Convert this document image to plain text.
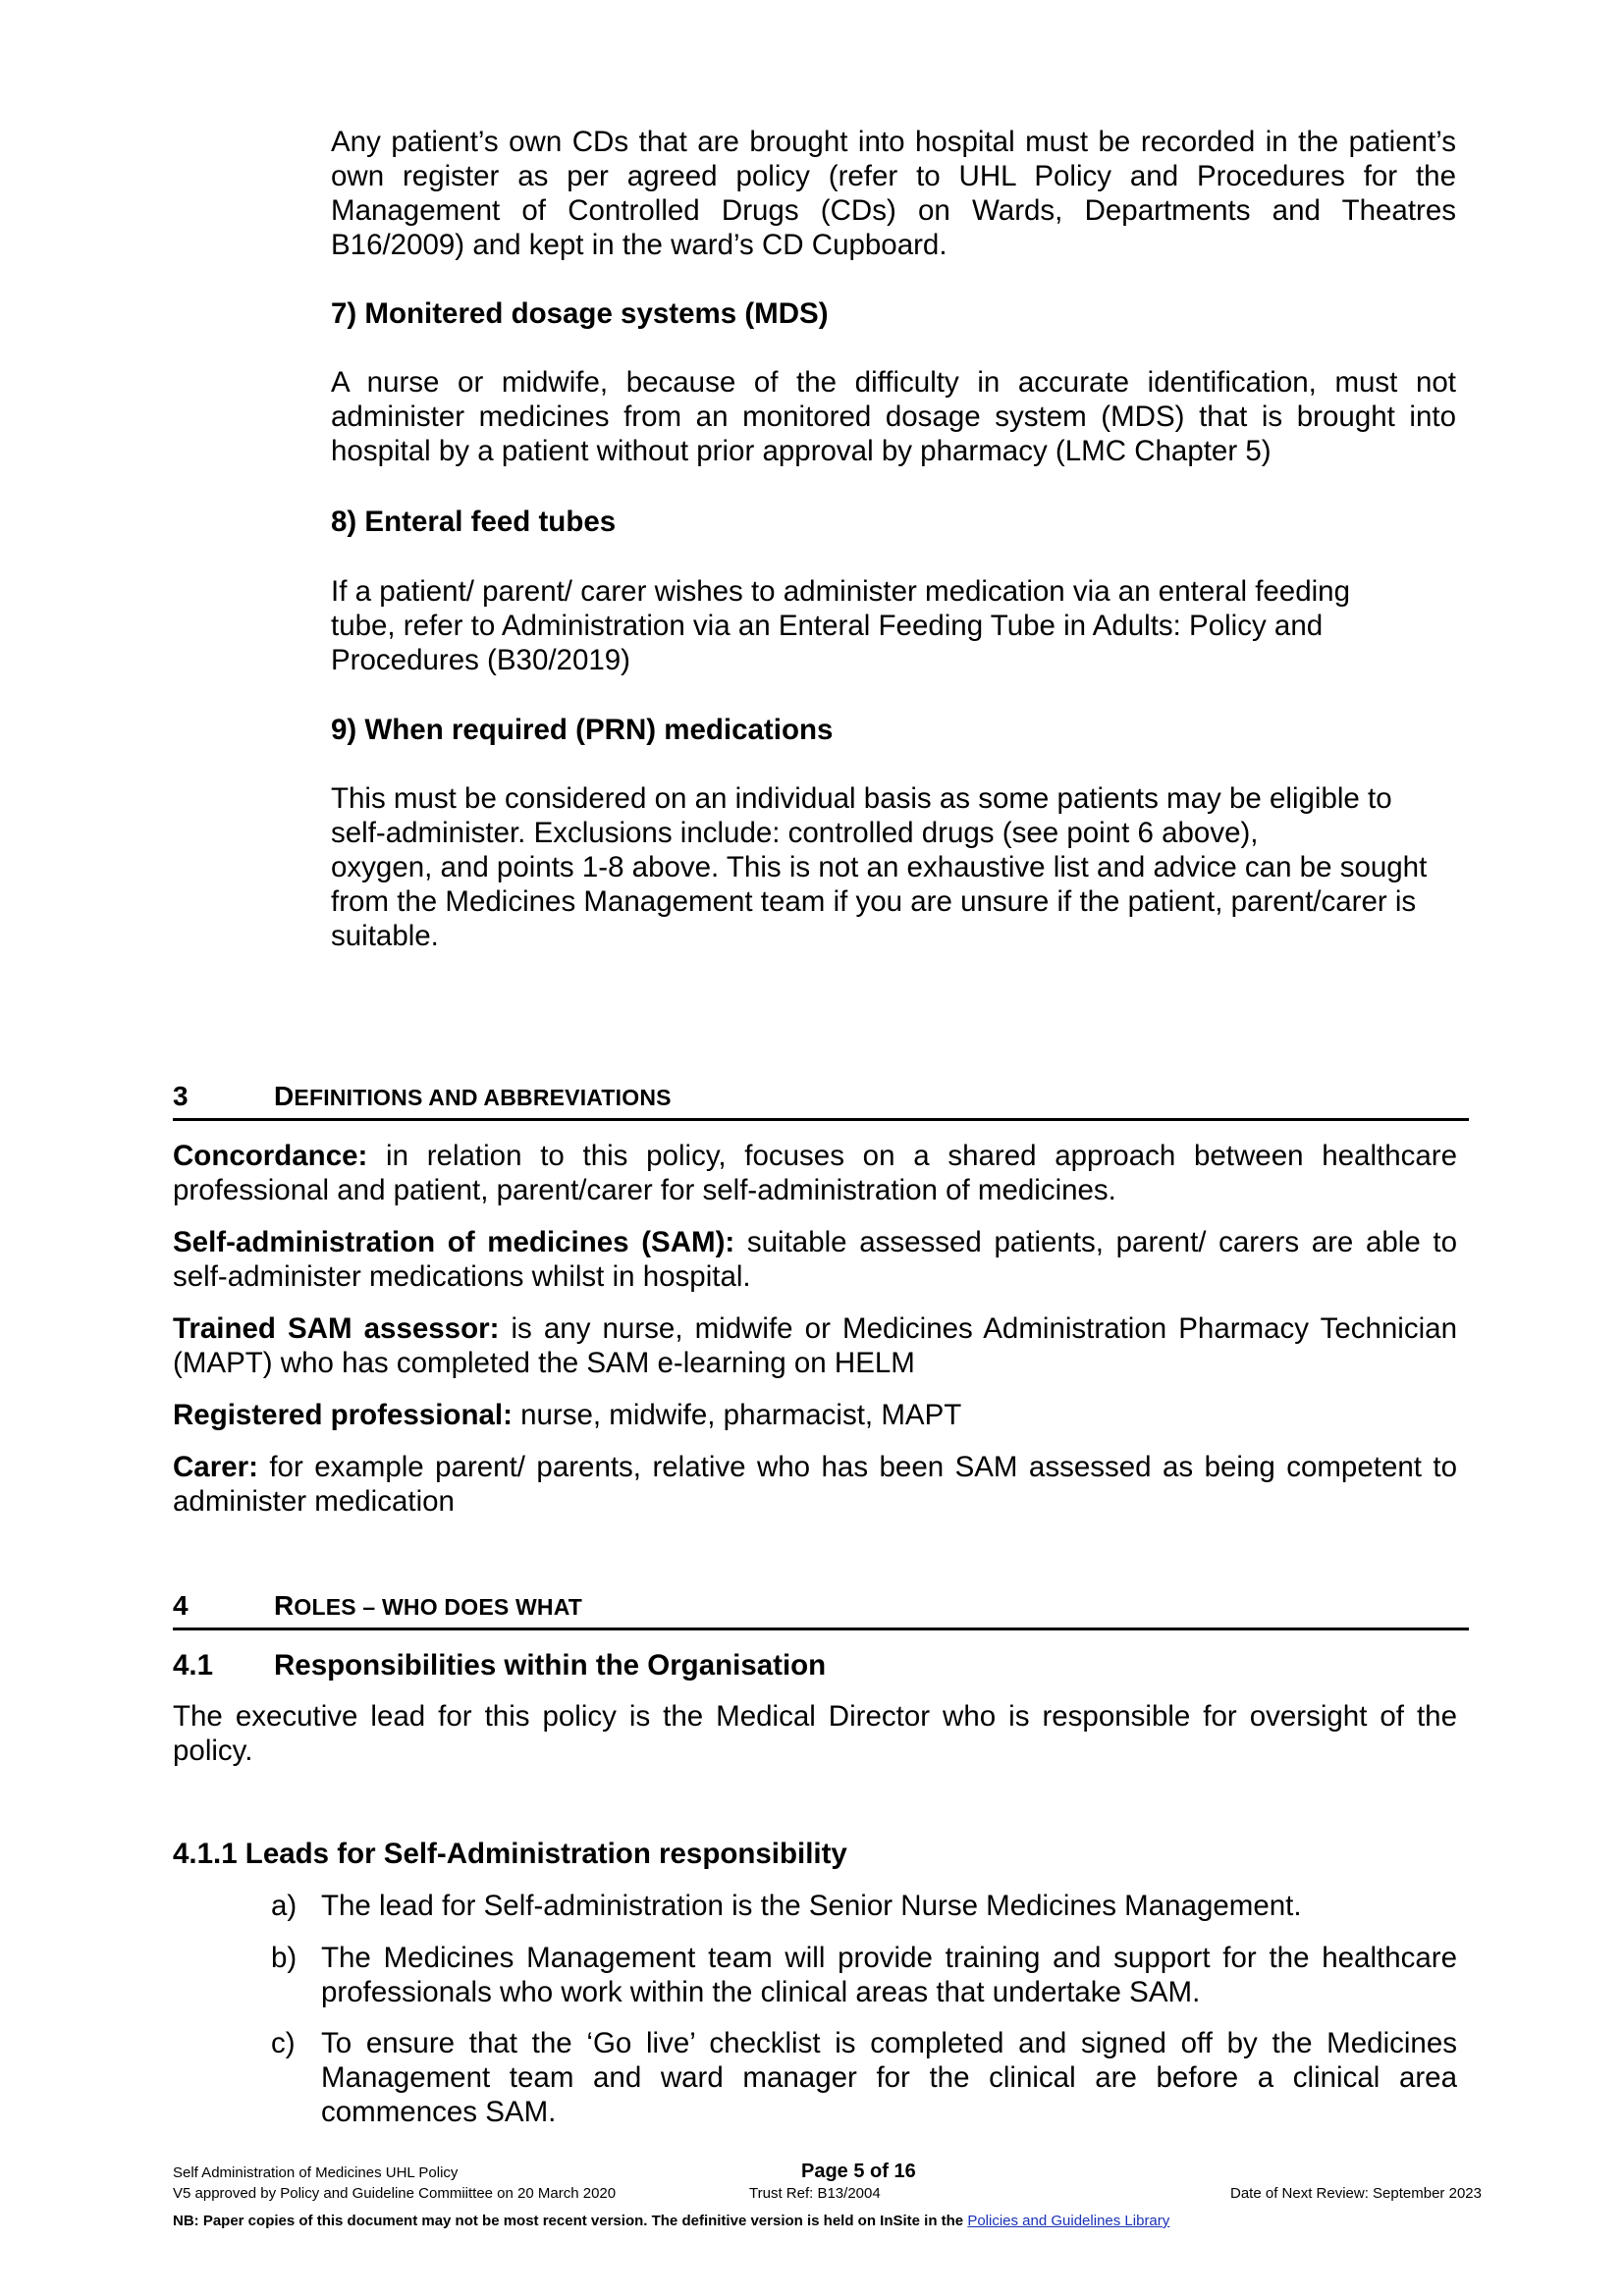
Any patient’s own CDs that are brought into hospital must be recorded in the patient’s own register as per agreed policy (refer to UHL Policy and Procedures for the Management of Controlled Drugs (CDs) on Wards, Departments and Theatres B16/2009) and kept in the ward’s CD Cupboard.

7) Monitered dosage systems (MDS)

A nurse or midwife, because of the difficulty in accurate identification, must not administer medicines from an monitored dosage system (MDS) that is brought into hospital by a patient without prior approval by pharmacy (LMC Chapter 5)

8) Enteral feed tubes
If a patient/ parent/ carer wishes to administer medication via an enteral feeding
tube, refer to Administration via an Enteral Feeding Tube in Adults: Policy and
Procedures (B30/2019)
9) When required (PRN) medications
This must be considered on an individual basis as some patients may be eligible to
self-administer. Exclusions include: controlled drugs (see point 6 above),
oxygen, and points 1-8 above. This is not an exhaustive list and advice can be sought
from the Medicines Management team if you are unsure if the patient, parent/carer is
suitable.
3	DEFINITIONS AND ABBREVIATIONS

Concordance: in relation to this policy, focuses on a shared approach between healthcare professional and patient, parent/carer for self-administration of medicines.

Self-administration of medicines (SAM): suitable assessed patients, parent/ carers are able to self-administer medications whilst in hospital.

Trained SAM assessor: is any nurse, midwife or Medicines Administration Pharmacy Technician (MAPT) who has completed the SAM e-learning on HELM

Registered professional: nurse, midwife, pharmacist, MAPT

Carer: for example parent/ parents, relative who has been SAM assessed as being competent to administer medication

4	ROLES – WHO DOES WHAT
4.1 Responsibilities within the Organisation

The executive lead for this policy is the Medical Director who is responsible for oversight of the policy.

4.1.1 Leads for Self-Administration responsibility
a) The lead for Self-administration is the Senior Nurse Medicines Management.

b) The Medicines Management team will provide training and support for the healthcare professionals who work within the clinical areas that undertake SAM.

c) To ensure that the ‘Go live’ checklist is completed and signed off by the Medicines Management team and ward manager for the clinical are before a clinical area commences SAM.

Self Administration of Medicines UHL Policy	Page 5 of 16
V5 approved by Policy and Guideline Commiittee on 20 March 2020	Trust Ref: B13/2004	Date of Next Review: September 2023
NB: Paper copies of this document may not be most recent version. The definitive version is held on InSite in the Policies and Guidelines Library
